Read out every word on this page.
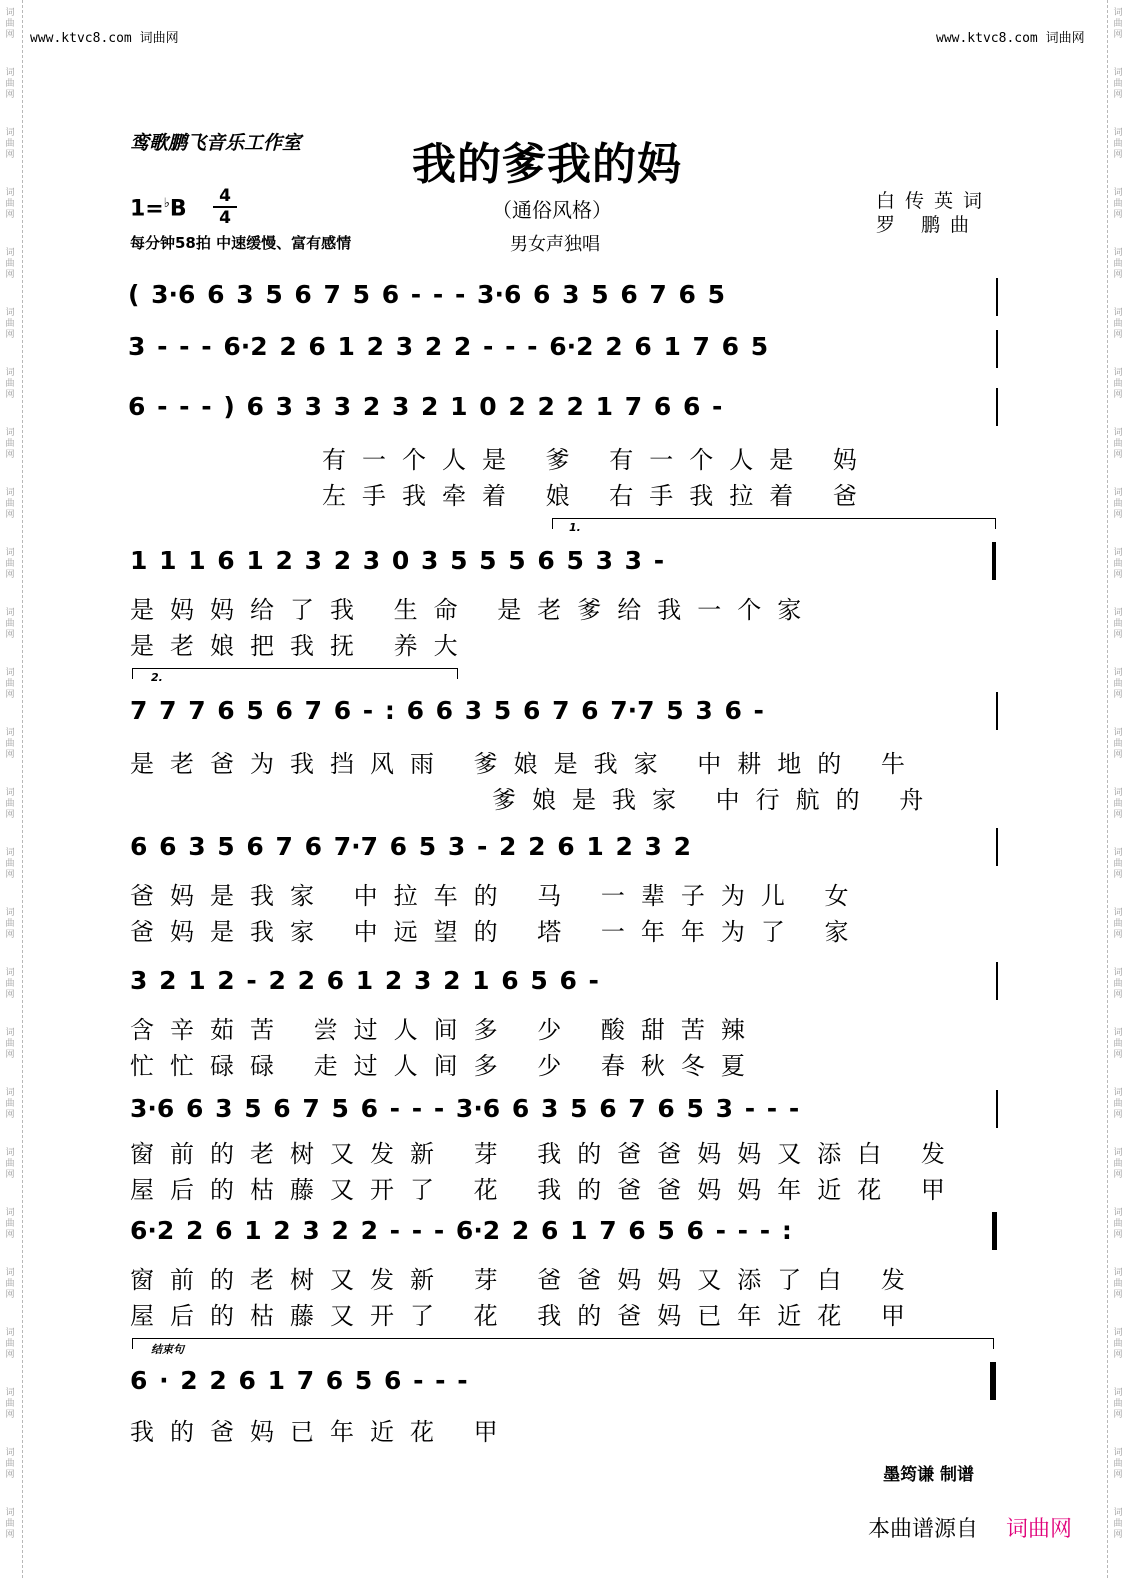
词
曲
网
词
曲
网
词
曲
网
词
曲
网
词
曲
网
词
曲
网
词
曲
网
词
曲
网
词
曲
网
词
曲
网
词
曲
网
词
曲
网
词
曲
网
词
曲
网
词
曲
网
词
曲
网
词
曲
网
词
曲
网
词
曲
网
词
曲
网
词
曲
网
词
曲
网
词
曲
网
词
曲
网
词
曲
网
词
曲
网
词
曲
网
词
曲
网
词
曲
网
词
曲
网
词
曲
网
词
曲
网
词
曲
网
词
曲
网
词
曲
网
词
曲
网
词
曲
网
词
曲
网
词
曲
网
词
曲
网
词
曲
网
词
曲
网
词
曲
网
词
曲
网
词
曲
网
词
曲
网
词
曲
网
词
曲
网
词
曲
网
词
曲
网
词
曲
网
词
曲
网
www.ktvc8.com 词曲网	www.ktvc8.com 词曲网
鸾歌鹏飞音乐工作室	我的爹我的妈
$1=^♭B \frac{4}{4}$
每分钟58拍 中速缓慢、富有感情
（通俗风格）
男女声独唱
白传英词
罗 鹏曲
( 3·6 6 3 5 6 7 5 6 - - - 3·6 6 3 5 6 7 6 5
3 - - - 6·2 2 6 1 2 3 2 2 - - - 6·2 2 6 1 7 6 5
6 - - - ) 6 3 3 3 2 3 2 1 0 2 2 2 1 7 6 6 -
有一个人是 爹 有一个人是 妈
左手我牵着 娘 右手我拉着 爸
1.
1 1 1 6 1 2 3 2 3 0 3 5 5 5 6 5 3 3 -
是妈妈给了我 生命 是老爹给我一个家
是老娘把我抚 养大
2.
7 7 7 6 5 6 7 6 - : 6 6 3 5 6 7 6 7·7 5 3 6 -
是老爸为我挡风雨 爹娘是我家 中耕地的 牛
爹娘是我家 中行航的 舟
6 6 3 5 6 7 6 7·7 6 5 3 - 2 2 6 1 2 3 2
爸妈是我家 中拉车的 马 一辈子为儿 女
爸妈是我家 中远望的 塔 一年年为了 家
3 2 1 2 - 2 2 6 1 2 3 2 1 6 5 6 -
含辛茹苦 尝过人间多 少 酸甜苦辣
忙忙碌碌 走过人间多 少 春秋冬夏
3·6 6 3 5 6 7 5 6 - - - 3·6 6 3 5 6 7 6 5 3 - - -
窗前的老树又发新 芽 我的爸爸妈妈又添白 发
屋后的枯藤又开了 花 我的爸爸妈妈年近花 甲
6·2 2 6 1 2 3 2 2 - - - 6·2 2 6 1 7 6 5 6 - - - :
窗前的老树又发新 芽 爸爸妈妈又添了白 发
屋后的枯藤又开了 花 我的爸妈已年近花 甲
结束句
6 · 2 2 6 1 7 6 5 6 - - -
我的爸妈已年近花 甲
墨筠谦 制谱
本曲谱源自 词曲网
